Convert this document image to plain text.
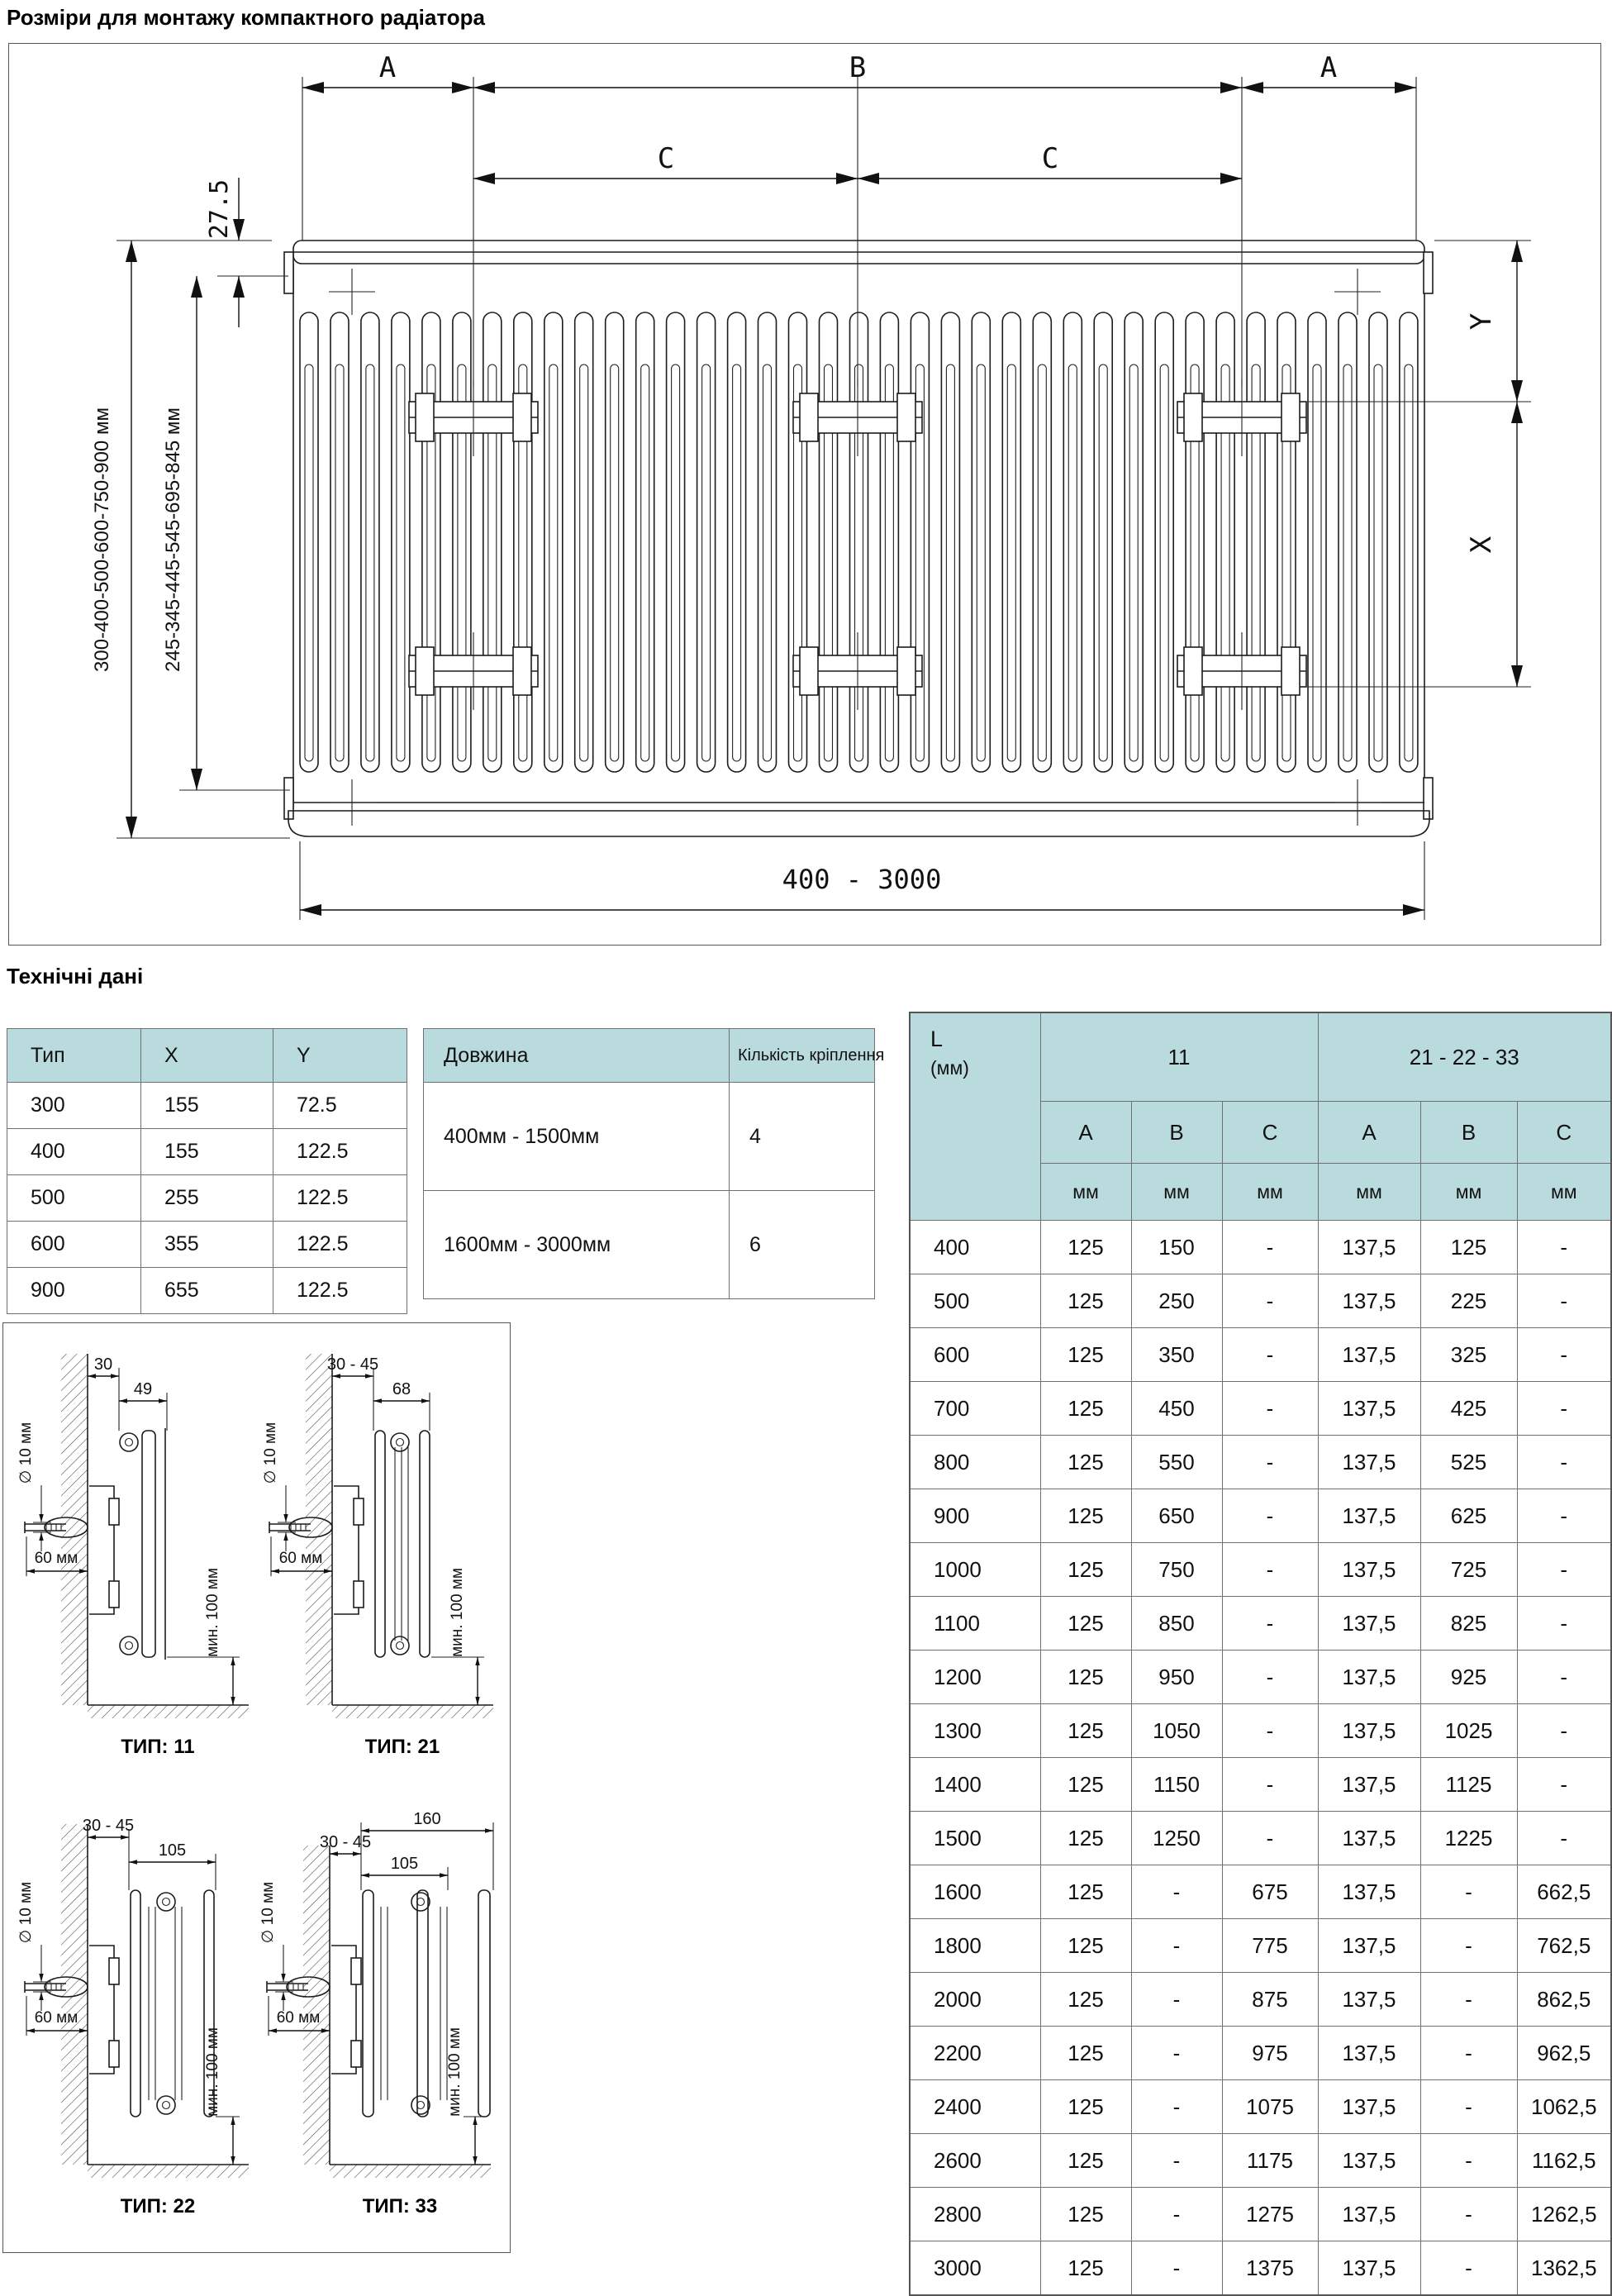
Розміри для монтажу компактного радіатора
A	B	A
C	C
27.5
300-400-500-600-750-900 мм 245-345-445-545-695-845 мм
Y
X
400 - 3000
Технічні дані
Тип	X	Y
300	155	72.5
400	155	122.5
500	255	122.5
600	355	122.5
900	655	122.5
Довжина	Кількість кріплення
400мм - 1500мм	4
1600мм - 3000мм	6
L
(мм)	11			21 - 22 - 33		
	A	B	C	A	B	C
	мм	мм	мм	мм	мм	мм
400	125	150	-	137,5	125	-
500	125	250	-	137,5	225	-
600	125	350	-	137,5	325	-
700	125	450	-	137,5	425	-
800	125	550	-	137,5	525	-
900	125	650	-	137,5	625	-
1000	125	750	-	137,5	725	-
1100	125	850	-	137,5	825	-
1200	125	950	-	137,5	925	-
1300	125	1050	-	137,5	1025	-
1400	125	1150	-	137,5	1125	-
1500	125	1250	-	137,5	1225	-
1600	125	-	675	137,5	-	662,5
1800	125	-	775	137,5	-	762,5
2000	125	-	875	137,5	-	862,5
2200	125	-	975	137,5	-	962,5
2400	125	-	1075	137,5	-	1062,5
2600	125	-	1175	137,5	-	1162,5
2800	125	-	1275	137,5	-	1262,5
3000	125	-	1375	137,5	-	1362,5
30
49
∅ 10 мм
60 мм
мин. 100 мм
ТИП: 11
30 - 45
68
∅ 10 мм
60 мм
мин. 100 мм
ТИП: 21
30 - 45
105
∅ 10 мм
60 мм
мин. 100 мм
ТИП: 22
160
30 - 45
105
∅ 10 мм
60 мм
мин. 100 мм
ТИП: 33
